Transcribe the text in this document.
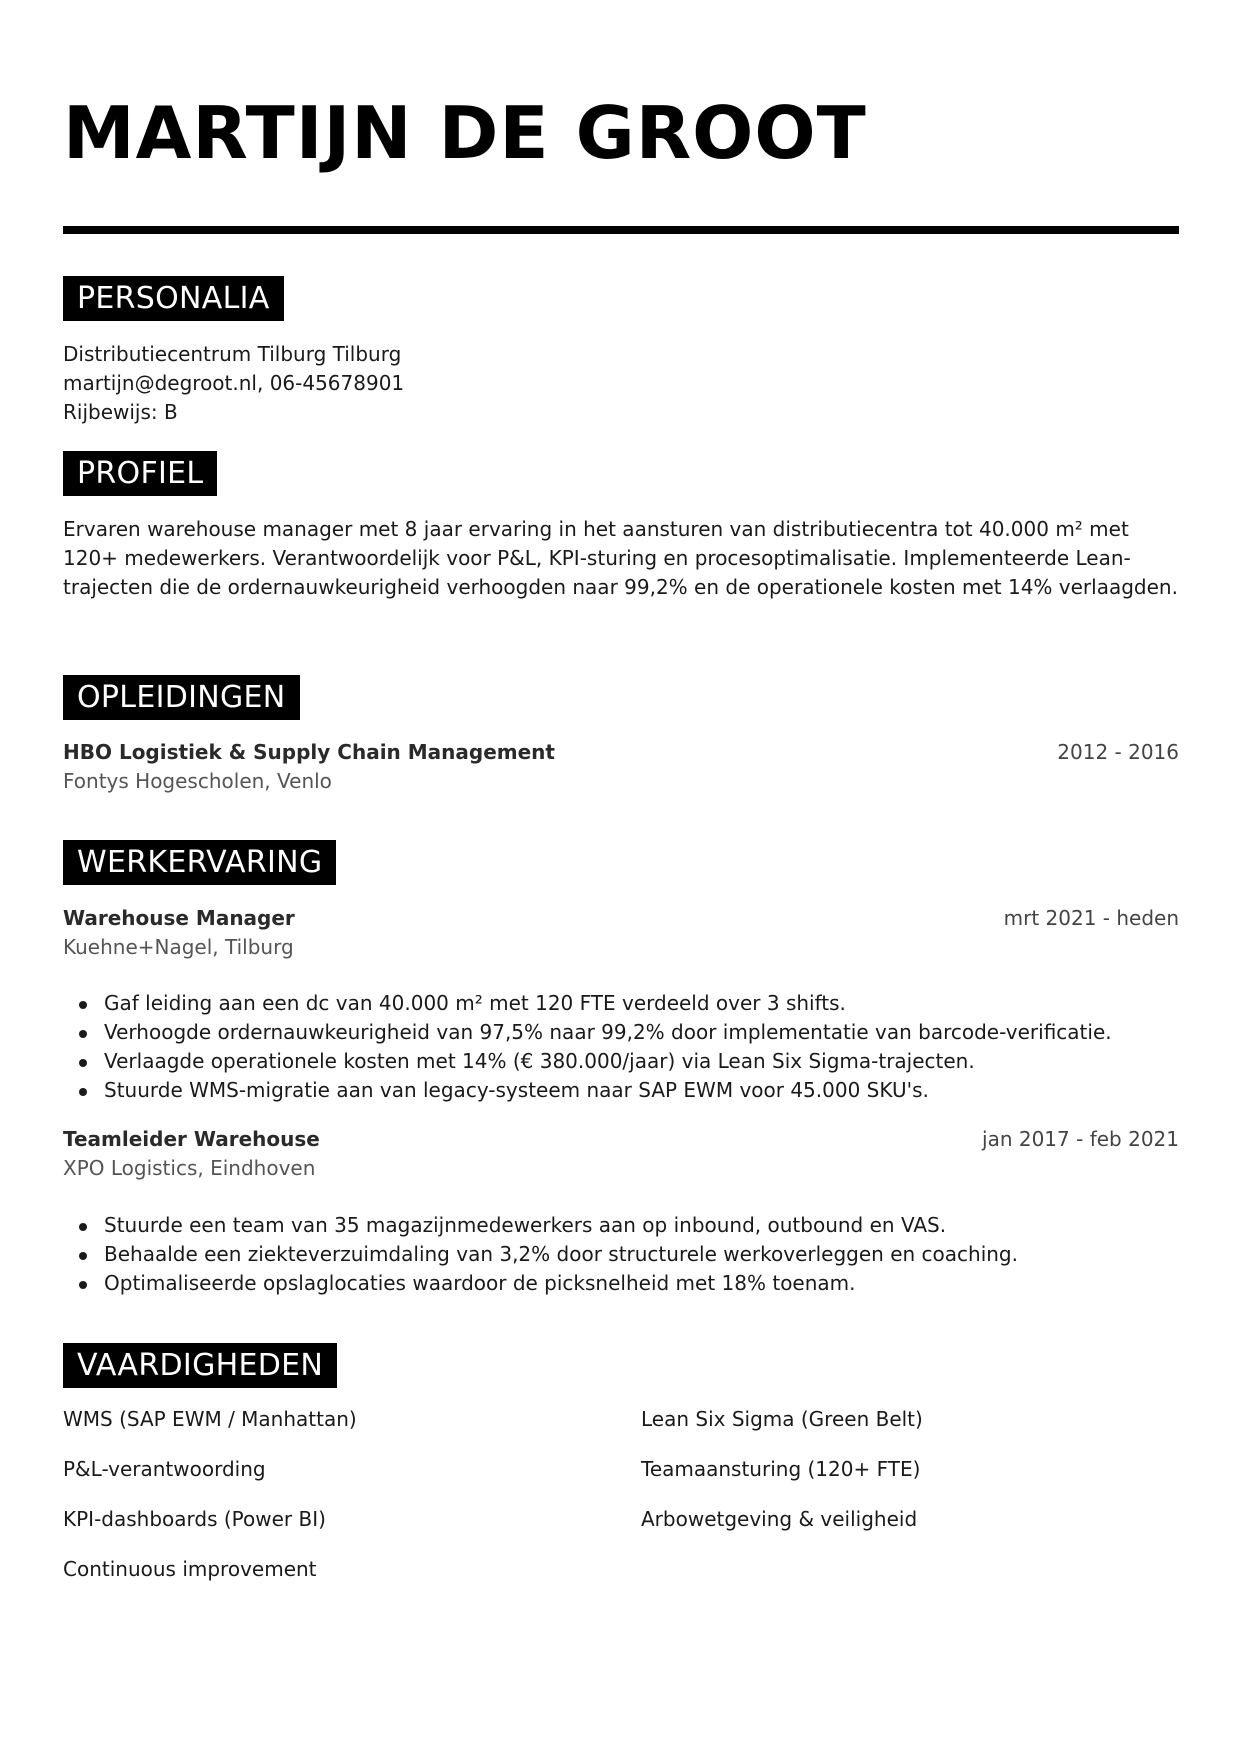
MARTIJN DE GROOT
PERSONALIA
Distributiecentrum Tilburg Tilburg
martijn@degroot.nl, 06-45678901
Rijbewijs: B
PROFIEL

Ervaren warehouse manager met 8 jaar ervaring in het aansturen van distributiecentra tot 40.000 m² met 120+ medewerkers. Verantwoordelijk voor P&L, KPI-sturing en procesoptimalisatie. Implementeerde Lean-trajecten die de ordernauwkeurigheid verhoogden naar 99,2% en de operationele kosten met 14% verlaagden.

OPLEIDINGEN
HBO Logistiek & Supply Chain Management	2012 - 2016
Fontys Hogescholen, Venlo
WERKERVARING
Warehouse Manager	mrt 2021 - heden
Kuehne+Nagel, Tilburg
Gaf leiding aan een dc van 40.000 m² met 120 FTE verdeeld over 3 shifts.
Verhoogde ordernauwkeurigheid van 97,5% naar 99,2% door implementatie van barcode-verificatie.
Verlaagde operationele kosten met 14% (€ 380.000/jaar) via Lean Six Sigma-trajecten.
Stuurde WMS-migratie aan van legacy-systeem naar SAP EWM voor 45.000 SKU's.
Teamleider Warehouse	jan 2017 - feb 2021
XPO Logistics, Eindhoven
Stuurde een team van 35 magazijnmedewerkers aan op inbound, outbound en VAS.
Behaalde een ziekteverzuimdaling van 3,2% door structurele werkoverleggen en coaching.
Optimaliseerde opslaglocaties waardoor de picksnelheid met 18% toenam.
VAARDIGHEDEN
WMS (SAP EWM / Manhattan)	Lean Six Sigma (Green Belt)
P&L-verantwoording	Teamaansturing (120+ FTE)
KPI-dashboards (Power BI)	Arbowetgeving & veiligheid
Continuous improvement
